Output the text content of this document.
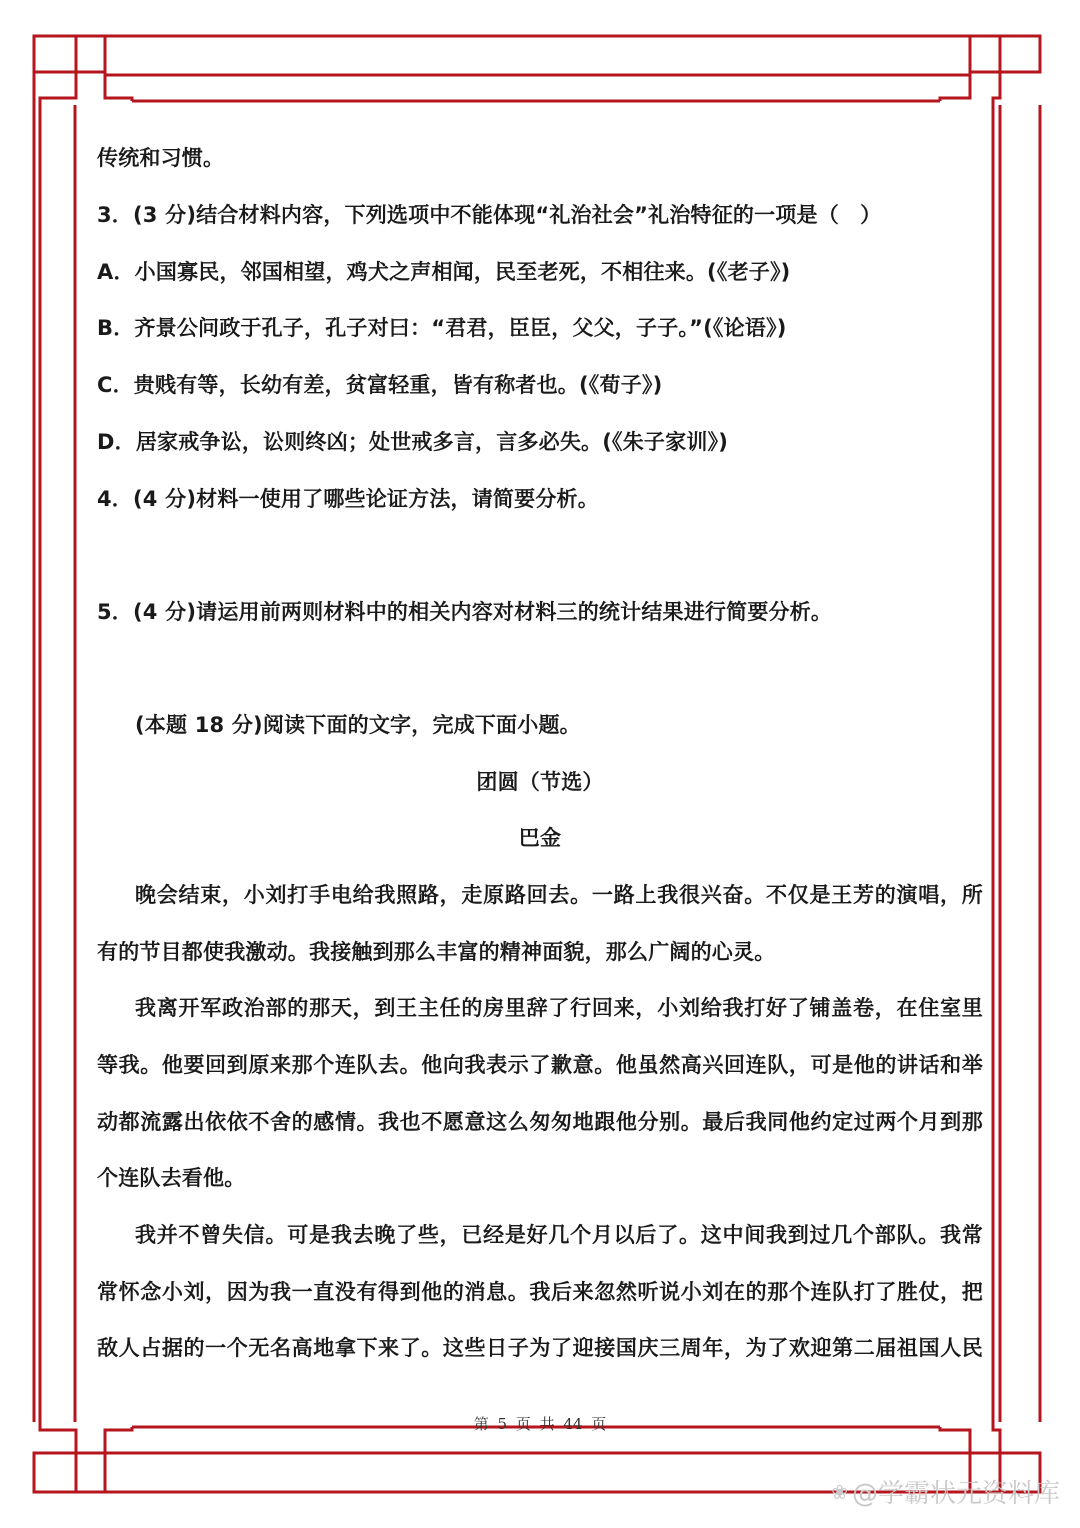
传统和习惯。
3．(3 分)结合材料内容，下列选项中不能体现“礼治社会”礼治特征的一项是（　）
A．小国寡民，邻国相望，鸡犬之声相闻，民至老死，不相往来。(《老子》)
B．齐景公问政于孔子，孔子对曰：“君君，臣臣，父父，子子。”(《论语》)
C．贵贱有等，长幼有差，贫富轻重，皆有称者也。(《荀子》)
D．居家戒争讼，讼则终凶；处世戒多言，言多必失。(《朱子家训》)
4．(4 分)材料一使用了哪些论证方法，请简要分析。
5．(4 分)请运用前两则材料中的相关内容对材料三的统计结果进行简要分析。
(本题 18 分)阅读下面的文字，完成下面小题。
团圆（节选）
巴金
晚会结束，小刘打手电给我照路，走原路回去。一路上我很兴奋。不仅是王芳的演唱，所
有的节目都使我激动。我接触到那么丰富的精神面貌，那么广阔的心灵。
我离开军政治部的那天，到王主任的房里辞了行回来，小刘给我打好了铺盖卷，在住室里
等我。他要回到原来那个连队去。他向我表示了歉意。他虽然高兴回连队，可是他的讲话和举
动都流露出依依不舍的感情。我也不愿意这么匆匆地跟他分别。最后我同他约定过两个月到那
个连队去看他。
我并不曾失信。可是我去晚了些，已经是好几个月以后了。这中间我到过几个部队。我常
常怀念小刘，因为我一直没有得到他的消息。我后来忽然听说小刘在的那个连队打了胜仗，把
敌人占据的一个无名高地拿下来了。这些日子为了迎接国庆三周年，为了欢迎第二届祖国人民
第 5 页 共 44 页
❀ @学霸状元资料库
